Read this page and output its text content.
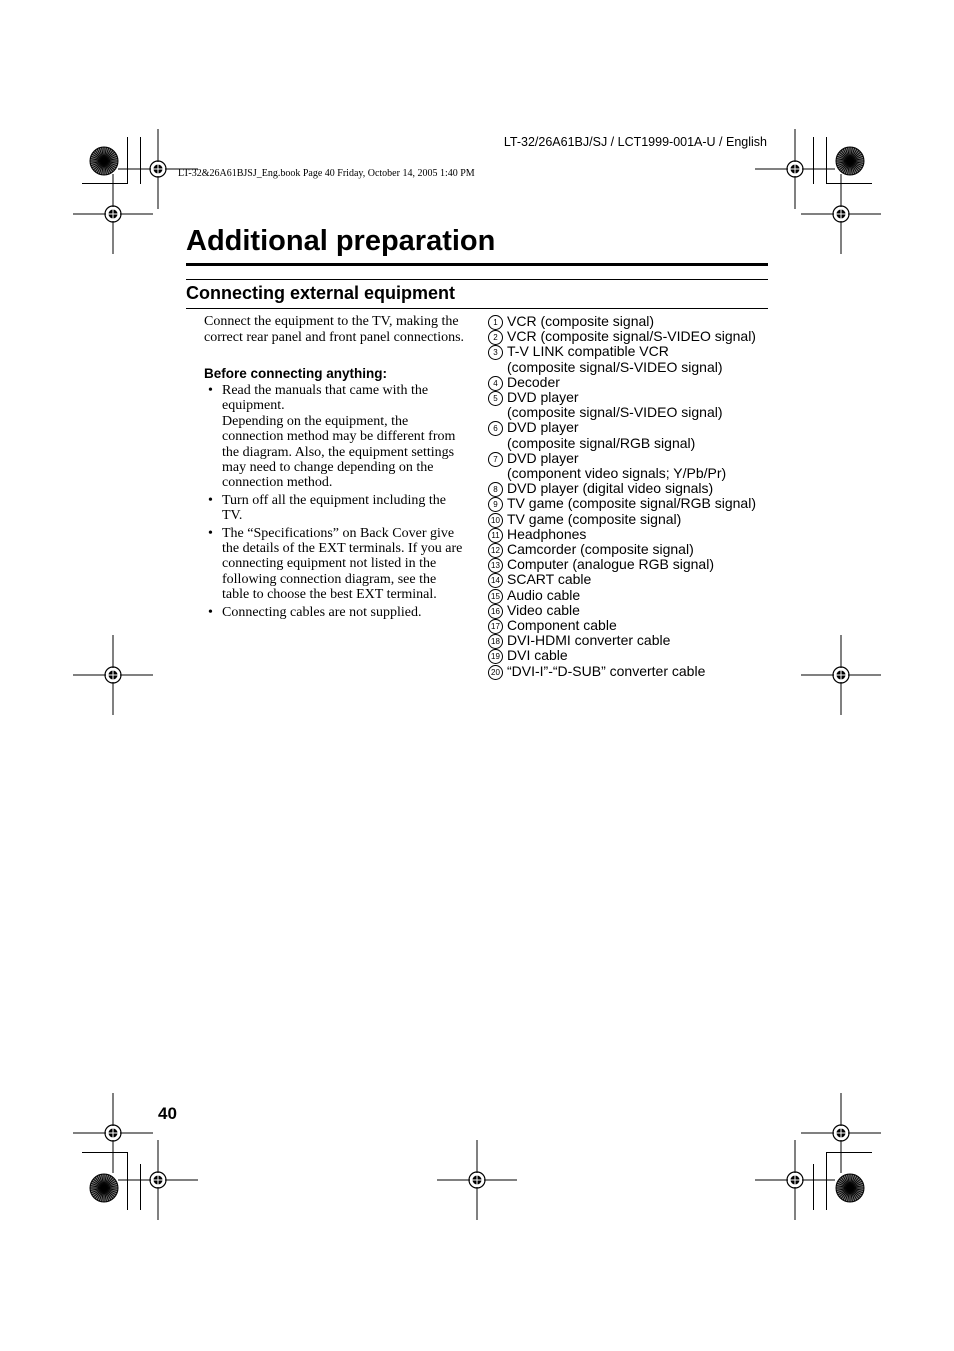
LT-32/26A61BJ/SJ / LCT1999-001A-U / English
LT-32&26A61BJSJ_Eng.book Page 40 Friday, October 14, 2005 1:40 PM
Additional preparation
Connecting external equipment

Connect the equipment to the TV, making the correct rear panel and front panel connections.

Before connecting anything:
• Read the manuals that came with the equipment.
Depending on the equipment, the connection method may be different from the diagram. Also, the equipment settings may need to change depending on the connection method.
• Turn off all the equipment including the TV.
• The “Specifications” on Back Cover give the details of the EXT terminals. If you are connecting equipment not listed in the following connection diagram, see the table to choose the best EXT terminal.
• Connecting cables are not supplied.
1 VCR (composite signal)
2 VCR (composite signal/S-VIDEO signal)
3 T-V LINK compatible VCR
(composite signal/S-VIDEO signal)
4 Decoder
5 DVD player
(composite signal/S-VIDEO signal)
6 DVD player
(composite signal/RGB signal)
7 DVD player
(component video signals; Y/Pb/Pr)
8 DVD player (digital video signals)
9 TV game (composite signal/RGB signal)
10 TV game (composite signal)
11 Headphones
12 Camcorder (composite signal)
13 Computer (analogue RGB signal)
14 SCART cable
15 Audio cable
16 Video cable
17 Component cable
18 DVI-HDMI converter cable
19 DVI cable
20 “DVI-I”-“D-SUB” converter cable
40
